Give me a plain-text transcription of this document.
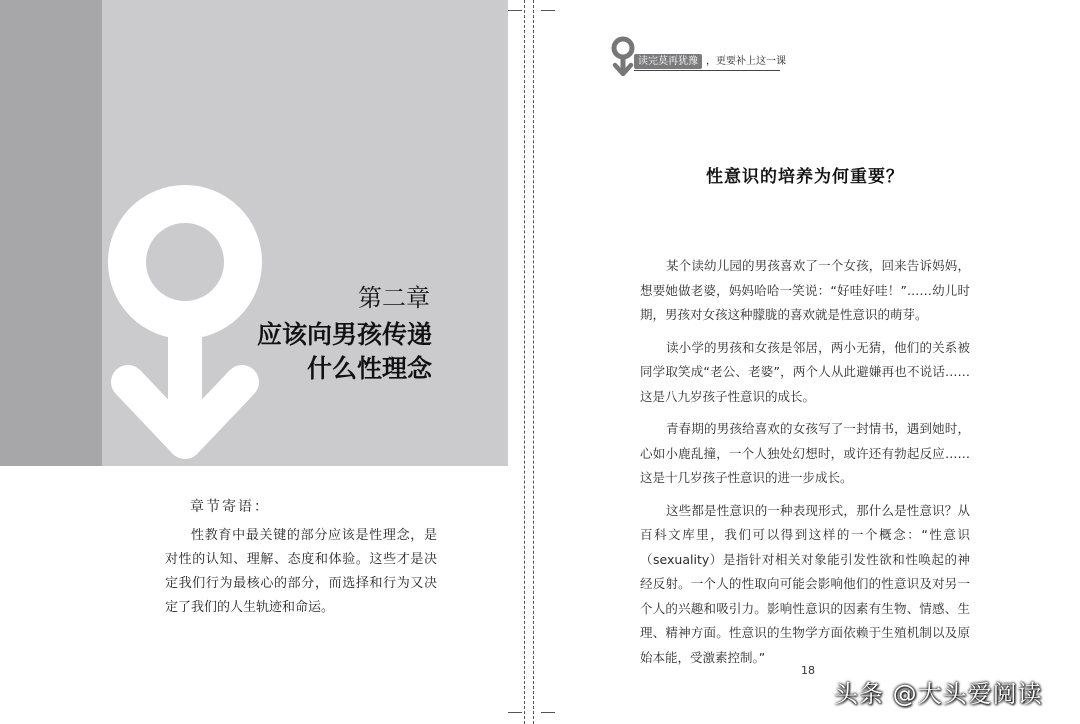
第二章
应该向男孩传递
什么性理念
章节寄语：
性教育中最关键的部分应该是性理念，是对性的认知、理解、态度和体验。这些才是决定我们行为最核心的部分，而选择和行为又决定了我们的人生轨迹和命运。
读完莫再犹豫 ，更要补上这一课
性意识的培养为何重要？

某个读幼儿园的男孩喜欢了一个女孩，回来告诉妈妈，想要她做老婆，妈妈哈哈一笑说：“好哇好哇！”……幼儿时期，男孩对女孩这种朦胧的喜欢就是性意识的萌芽。

读小学的男孩和女孩是邻居，两小无猜，他们的关系被同学取笑成“老公、老婆”，两个人从此避嫌再也不说话……这是八九岁孩子性意识的成长。

青春期的男孩给喜欢的女孩写了一封情书，遇到她时，心如小鹿乱撞，一个人独处幻想时，或许还有勃起反应……这是十几岁孩子性意识的进一步成长。

这些都是性意识的一种表现形式，那什么是性意识？从百科文库里，我们可以得到这样的一个概念：“性意识（sexuality）是指针对相关对象能引发性欲和性唤起的神经反射。一个人的性取向可能会影响他们的性意识及对另一个人的兴趣和吸引力。影响性意识的因素有生物、情感、生理、精神方面。性意识的生物学方面依赖于生殖机制以及原始本能，受激素控制。”

18
头条 @大头爱阅读
